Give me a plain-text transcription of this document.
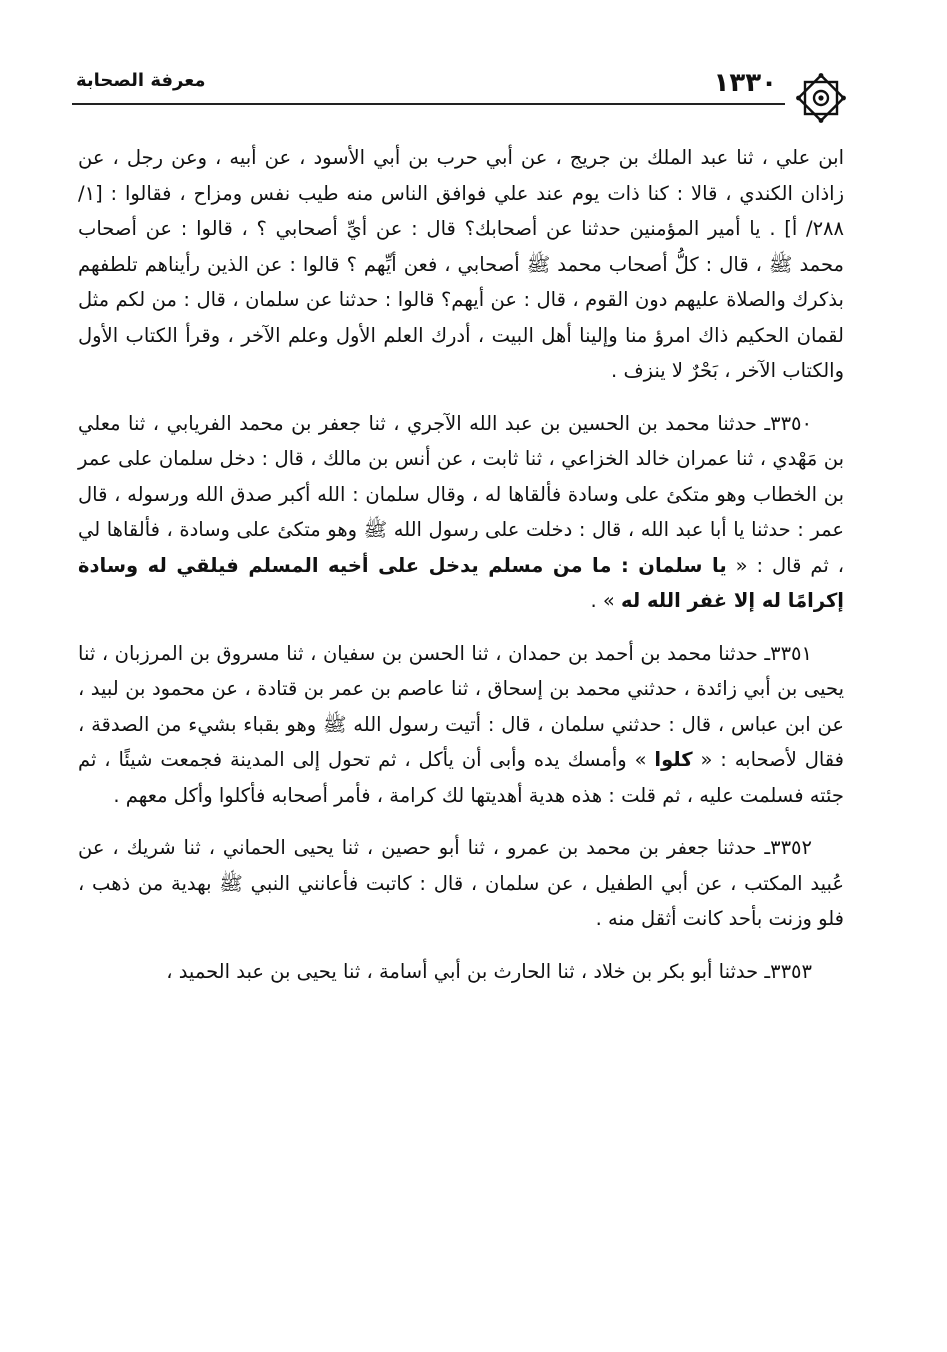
١٣٣٠
معرفة الصحابة

ابن علي ، ثنا عبد الملك بن جريج ، عن أبي حرب بن أبي الأسود ، عن أبيه ، وعن رجل ، عن زاذان الكندي ، قالا : كنا ذات يوم عند علي فوافق الناس منه طيب نفس ومزاح ، فقالوا : [١/ ٢٨٨/ أ] . يا أمير المؤمنين حدثنا عن أصحابك؟ قال : عن أيِّ أصحابي ؟ ، قالوا : عن أصحاب محمد ﷺ ، قال : كلُّ أصحاب محمد ﷺ أصحابي ، فعن أيِّهم ؟ قالوا : عن الذين رأيناهم تلطفهم بذكرك والصلاة عليهم دون القوم ، قال : عن أيهم؟ قالوا : حدثنا عن سلمان ، قال : من لكم مثل لقمان الحكيم ذاك امرؤ منا وإلينا أهل البيت ، أدرك العلم الأول وعلم الآخر ، وقرأ الكتاب الأول والكتاب الآخر ، بَحْرٌ لا ينزف .

٣٣٥٠ـ حدثنا محمد بن الحسين بن عبد الله الآجري ، ثنا جعفر بن محمد الفريابي ، ثنا معلي بن مَهْدي ، ثنا عمران خالد الخزاعي ، ثنا ثابت ، عن أنس بن مالك ، قال : دخل سلمان على عمر بن الخطاب وهو متكئ على وسادة فألقاها له ، وقال سلمان : الله أكبر صدق الله ورسوله ، قال عمر : حدثنا يا أبا عبد الله ، قال : دخلت على رسول الله ﷺ وهو متكئ على وسادة ، فألقاها لي ، ثم قال : « يا سلمان : ما من مسلم يدخل على أخيه المسلم فيلقي له وسادة إكرامًا له إلا غفر الله له » .

٣٣٥١ـ حدثنا محمد بن أحمد بن حمدان ، ثنا الحسن بن سفيان ، ثنا مسروق بن المرزبان ، ثنا يحيى بن أبي زائدة ، حدثني محمد بن إسحاق ، ثنا عاصم بن عمر بن قتادة ، عن محمود بن لبيد ، عن ابن عباس ، قال : حدثني سلمان ، قال : أتيت رسول الله ﷺ وهو بقباء بشيء من الصدقة ، فقال لأصحابه : « كلوا » وأمسك يده وأبى أن يأكل ، ثم تحول إلى المدينة فجمعت شيئًا ، ثم جئته فسلمت عليه ، ثم قلت : هذه هدية أهديتها لك كرامة ، فأمر أصحابه فأكلوا وأكل معهم .

٣٣٥٢ـ حدثنا جعفر بن محمد بن عمرو ، ثنا أبو حصين ، ثنا يحيى الحماني ، ثنا شريك ، عن عُبيد المكتب ، عن أبي الطفيل ، عن سلمان ، قال : كاتبت فأعانني النبي ﷺ بهدية من ذهب ، فلو وزنت بأحد كانت أثقل منه .

٣٣٥٣ـ حدثنا أبو بكر بن خلاد ، ثنا الحارث بن أبي أسامة ، ثنا يحيى بن عبد الحميد ،
